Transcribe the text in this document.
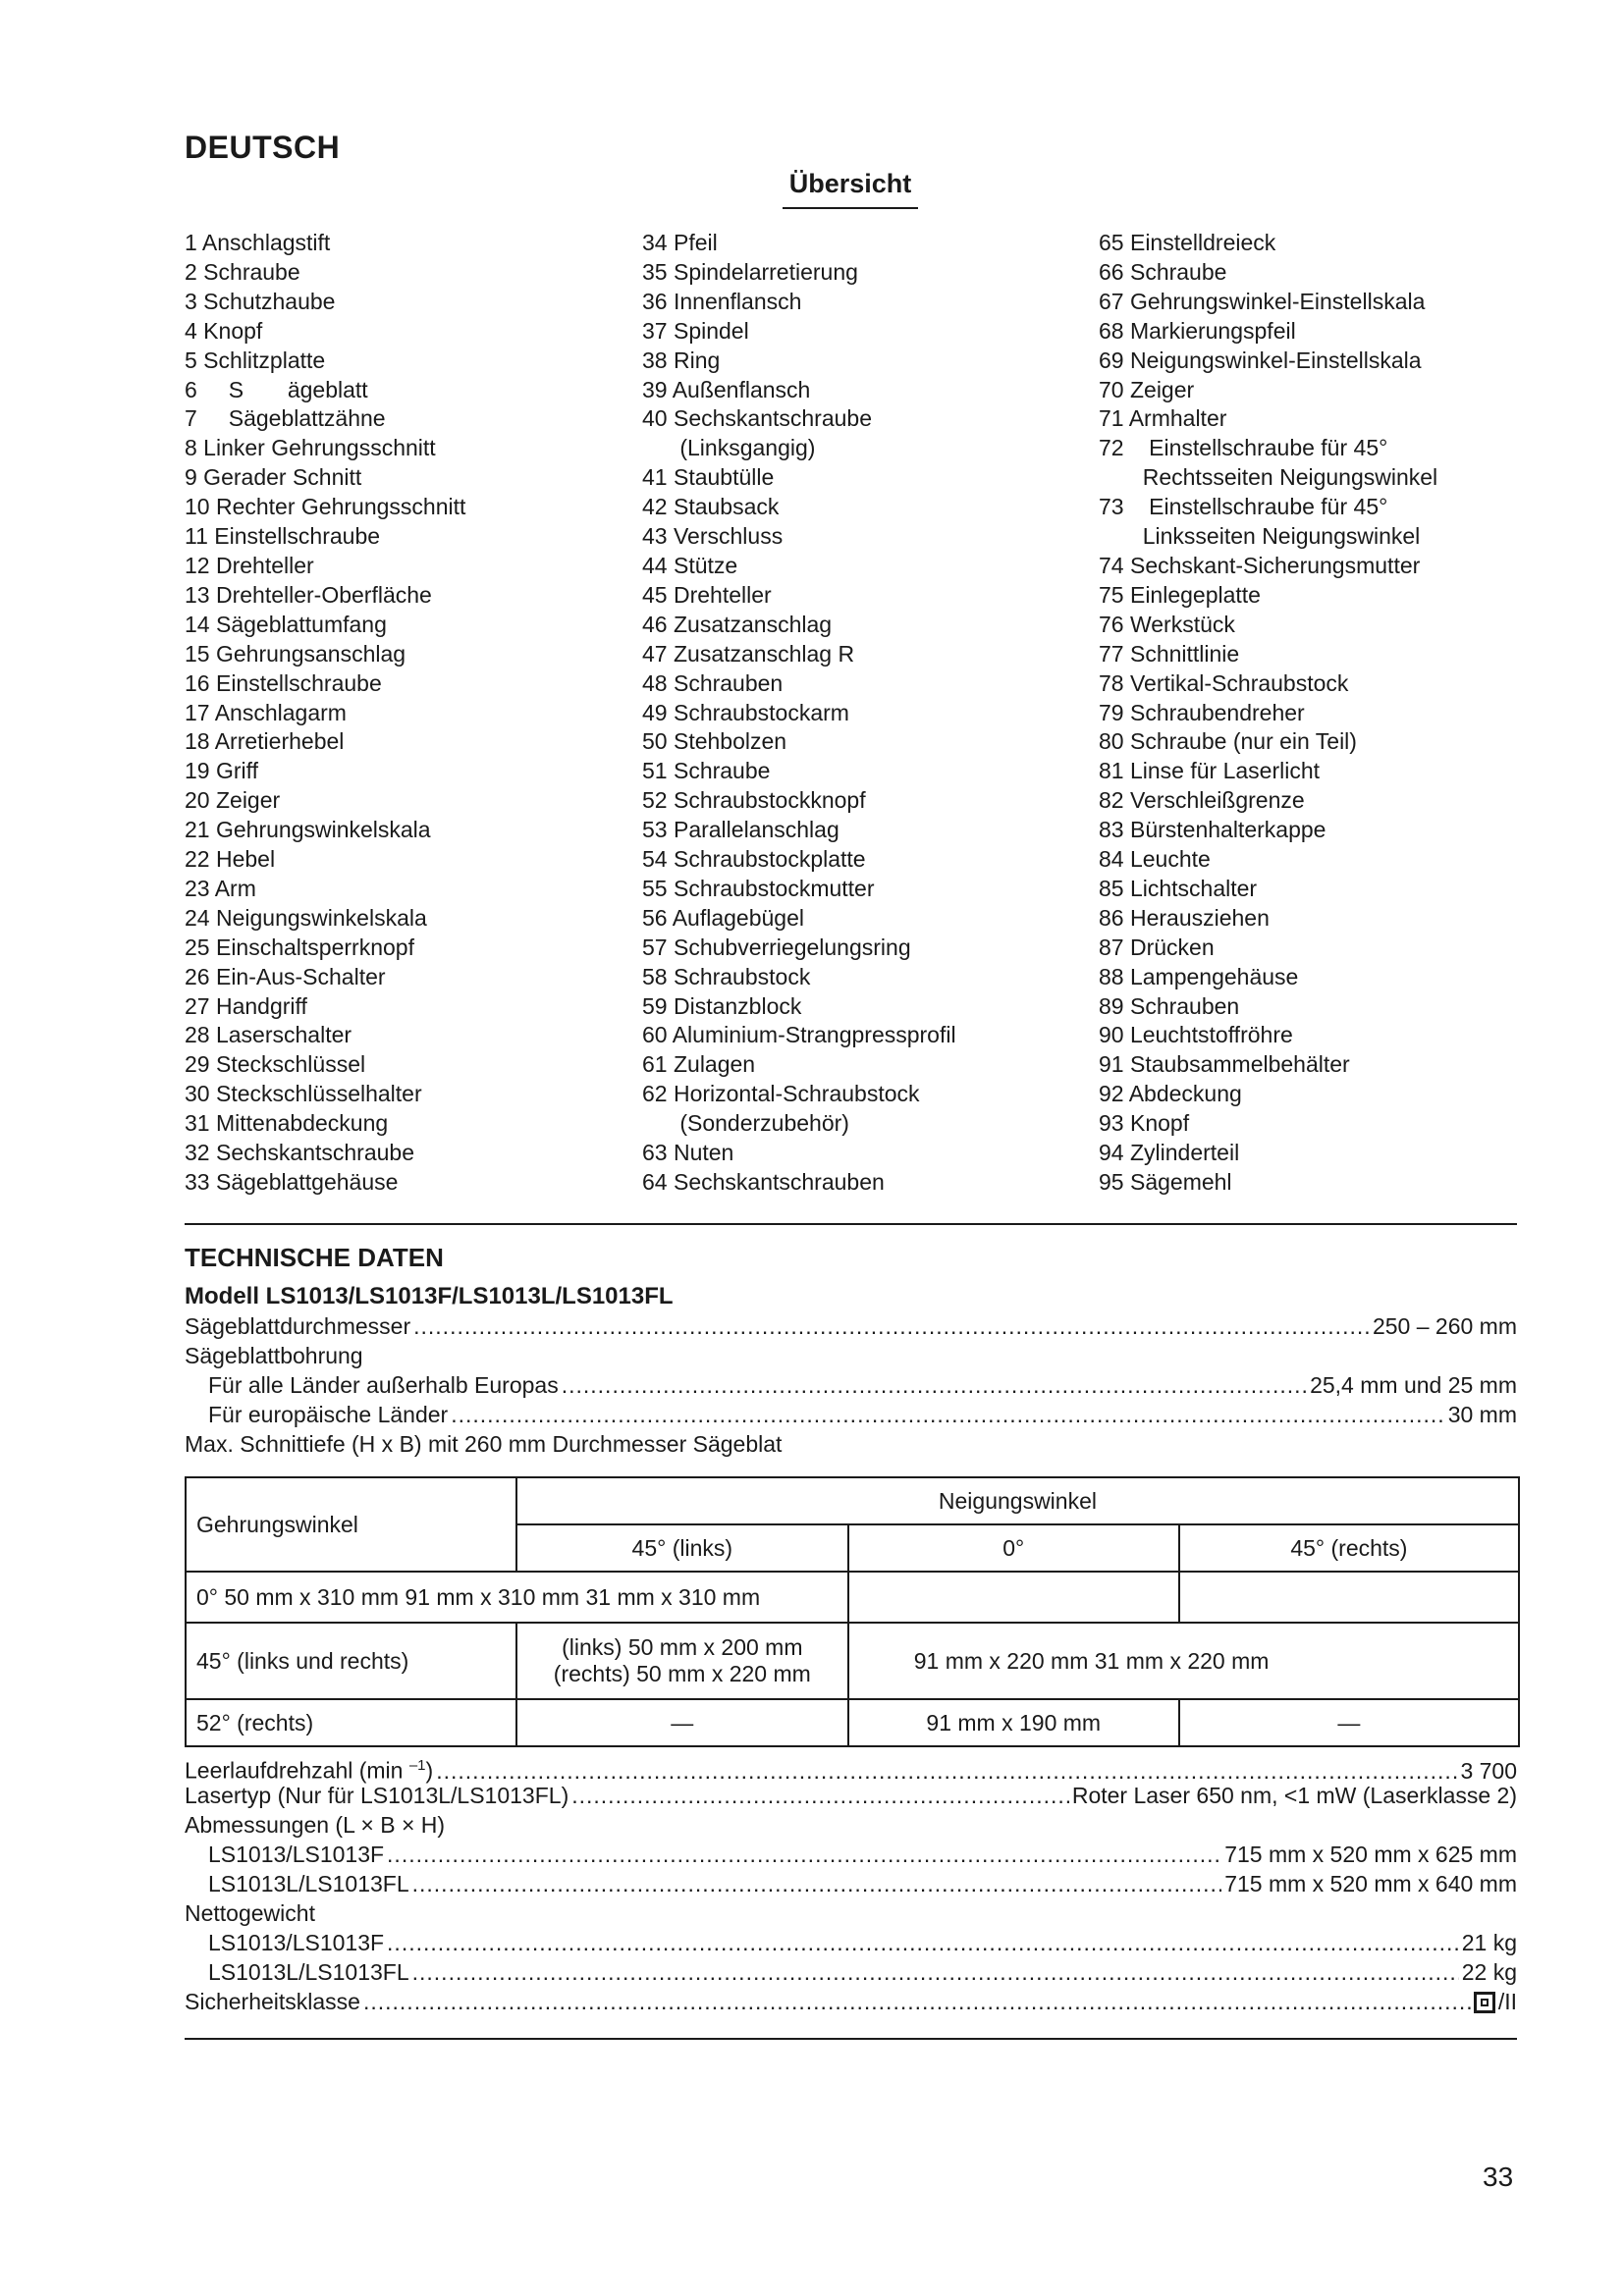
DEUTSCH
Übersicht
1 Anschlagstift
2 Schraube
3 Schutzhaube
4 Knopf
5 Schlitzplatte
6     S       ägeblatt
7     Sägeblattzähne
8 Linker Gehrungsschnitt
9 Gerader Schnitt
10 Rechter Gehrungsschnitt
11 Einstellschraube
12 Drehteller
13 Drehteller-Oberfläche
14 Sägeblattumfang
15 Gehrungsanschlag
16 Einstellschraube
17 Anschlagarm
18 Arretierhebel
19 Griff
20 Zeiger
21 Gehrungswinkelskala
22 Hebel
23 Arm
24 Neigungswinkelskala
25 Einschaltsperrknopf
26 Ein-Aus-Schalter
27 Handgriff
28 Laserschalter
29 Steckschlüssel
30 Steckschlüsselhalter
31 Mittenabdeckung
32 Sechskantschraube
33 Sägeblattgehäuse
34 Pfeil
35 Spindelarretierung
36 Innenflansch
37 Spindel
38 Ring
39 Außenflansch
40 Sechskantschraube
(Linksgangig)
41 Staubtülle
42 Staubsack
43 Verschluss
44 Stütze
45 Drehteller
46 Zusatzanschlag
47 Zusatzanschlag R
48 Schrauben
49 Schraubstockarm
50 Stehbolzen
51 Schraube
52 Schraubstockknopf
53 Parallelanschlag
54 Schraubstockplatte
55 Schraubstockmutter
56 Auflagebügel
57 Schubverriegelungsring
58 Schraubstock
59 Distanzblock
60 Aluminium-Strangpressprofil
61 Zulagen
62 Horizontal-Schraubstock
(Sonderzubehör)
63 Nuten
64 Sechskantschrauben
65 Einstelldreieck
66 Schraube
67 Gehrungswinkel-Einstellskala
68 Markierungspfeil
69 Neigungswinkel-Einstellskala
70 Zeiger
71 Armhalter
72    Einstellschraube für 45°
Rechtsseiten Neigungswinkel
73    Einstellschraube für 45°
Linksseiten Neigungswinkel
74 Sechskant-Sicherungsmutter
75 Einlegeplatte
76 Werkstück
77 Schnittlinie
78 Vertikal-Schraubstock
79 Schraubendreher
80 Schraube (nur ein Teil)
81 Linse für Laserlicht
82 Verschleißgrenze
83 Bürstenhalterkappe
84 Leuchte
85 Lichtschalter
86 Herausziehen
87 Drücken
88 Lampengehäuse
89 Schrauben
90 Leuchtstoffröhre
91 Staubsammelbehälter
92 Abdeckung
93 Knopf
94 Zylinderteil
95 Sägemehl
TECHNISCHE DATEN
Modell LS1013/LS1013F/LS1013L/LS1013FL
Sägeblattdurchmesser .....	250 – 260 mm
Sägeblattbohrung
Für alle Länder außerhalb Europas .....	25,4 mm und 25 mm
Für europäische Länder .....	30 mm
Max. Schnittiefe (H x B) mit 260 mm Durchmesser Sägeblat
Gehrungswinkel	Neigungswinkel		
	45° (links)	0°	45° (rechts)
0° 50 mm x 310 mm 91 mm x 310 mm 31 mm x 310 mm			
45° (links und rechts)	(links) 50 mm x 200 mm
(rechts) 50 mm x 220 mm	91 mm x 220 mm 31 mm x 220 mm	
52° (rechts)	—	91 mm x 190 mm	—
Leerlaufdrehzahl (min $^{-1}$) .....	3 700
Lasertyp (Nur für LS1013L/LS1013FL) .....	Roter Laser 650 nm, <1 mW (Laserklasse 2)
Abmessungen (L × B × H)
LS1013/LS1013F .....	715 mm x 520 mm x 625 mm
LS1013L/LS1013FL .....	715 mm x 520 mm x 640 mm
Nettogewicht
LS1013/LS1013F .....	21 kg
LS1013L/LS1013FL .....	22 kg
Sicherheitsklasse .....	/II
33
